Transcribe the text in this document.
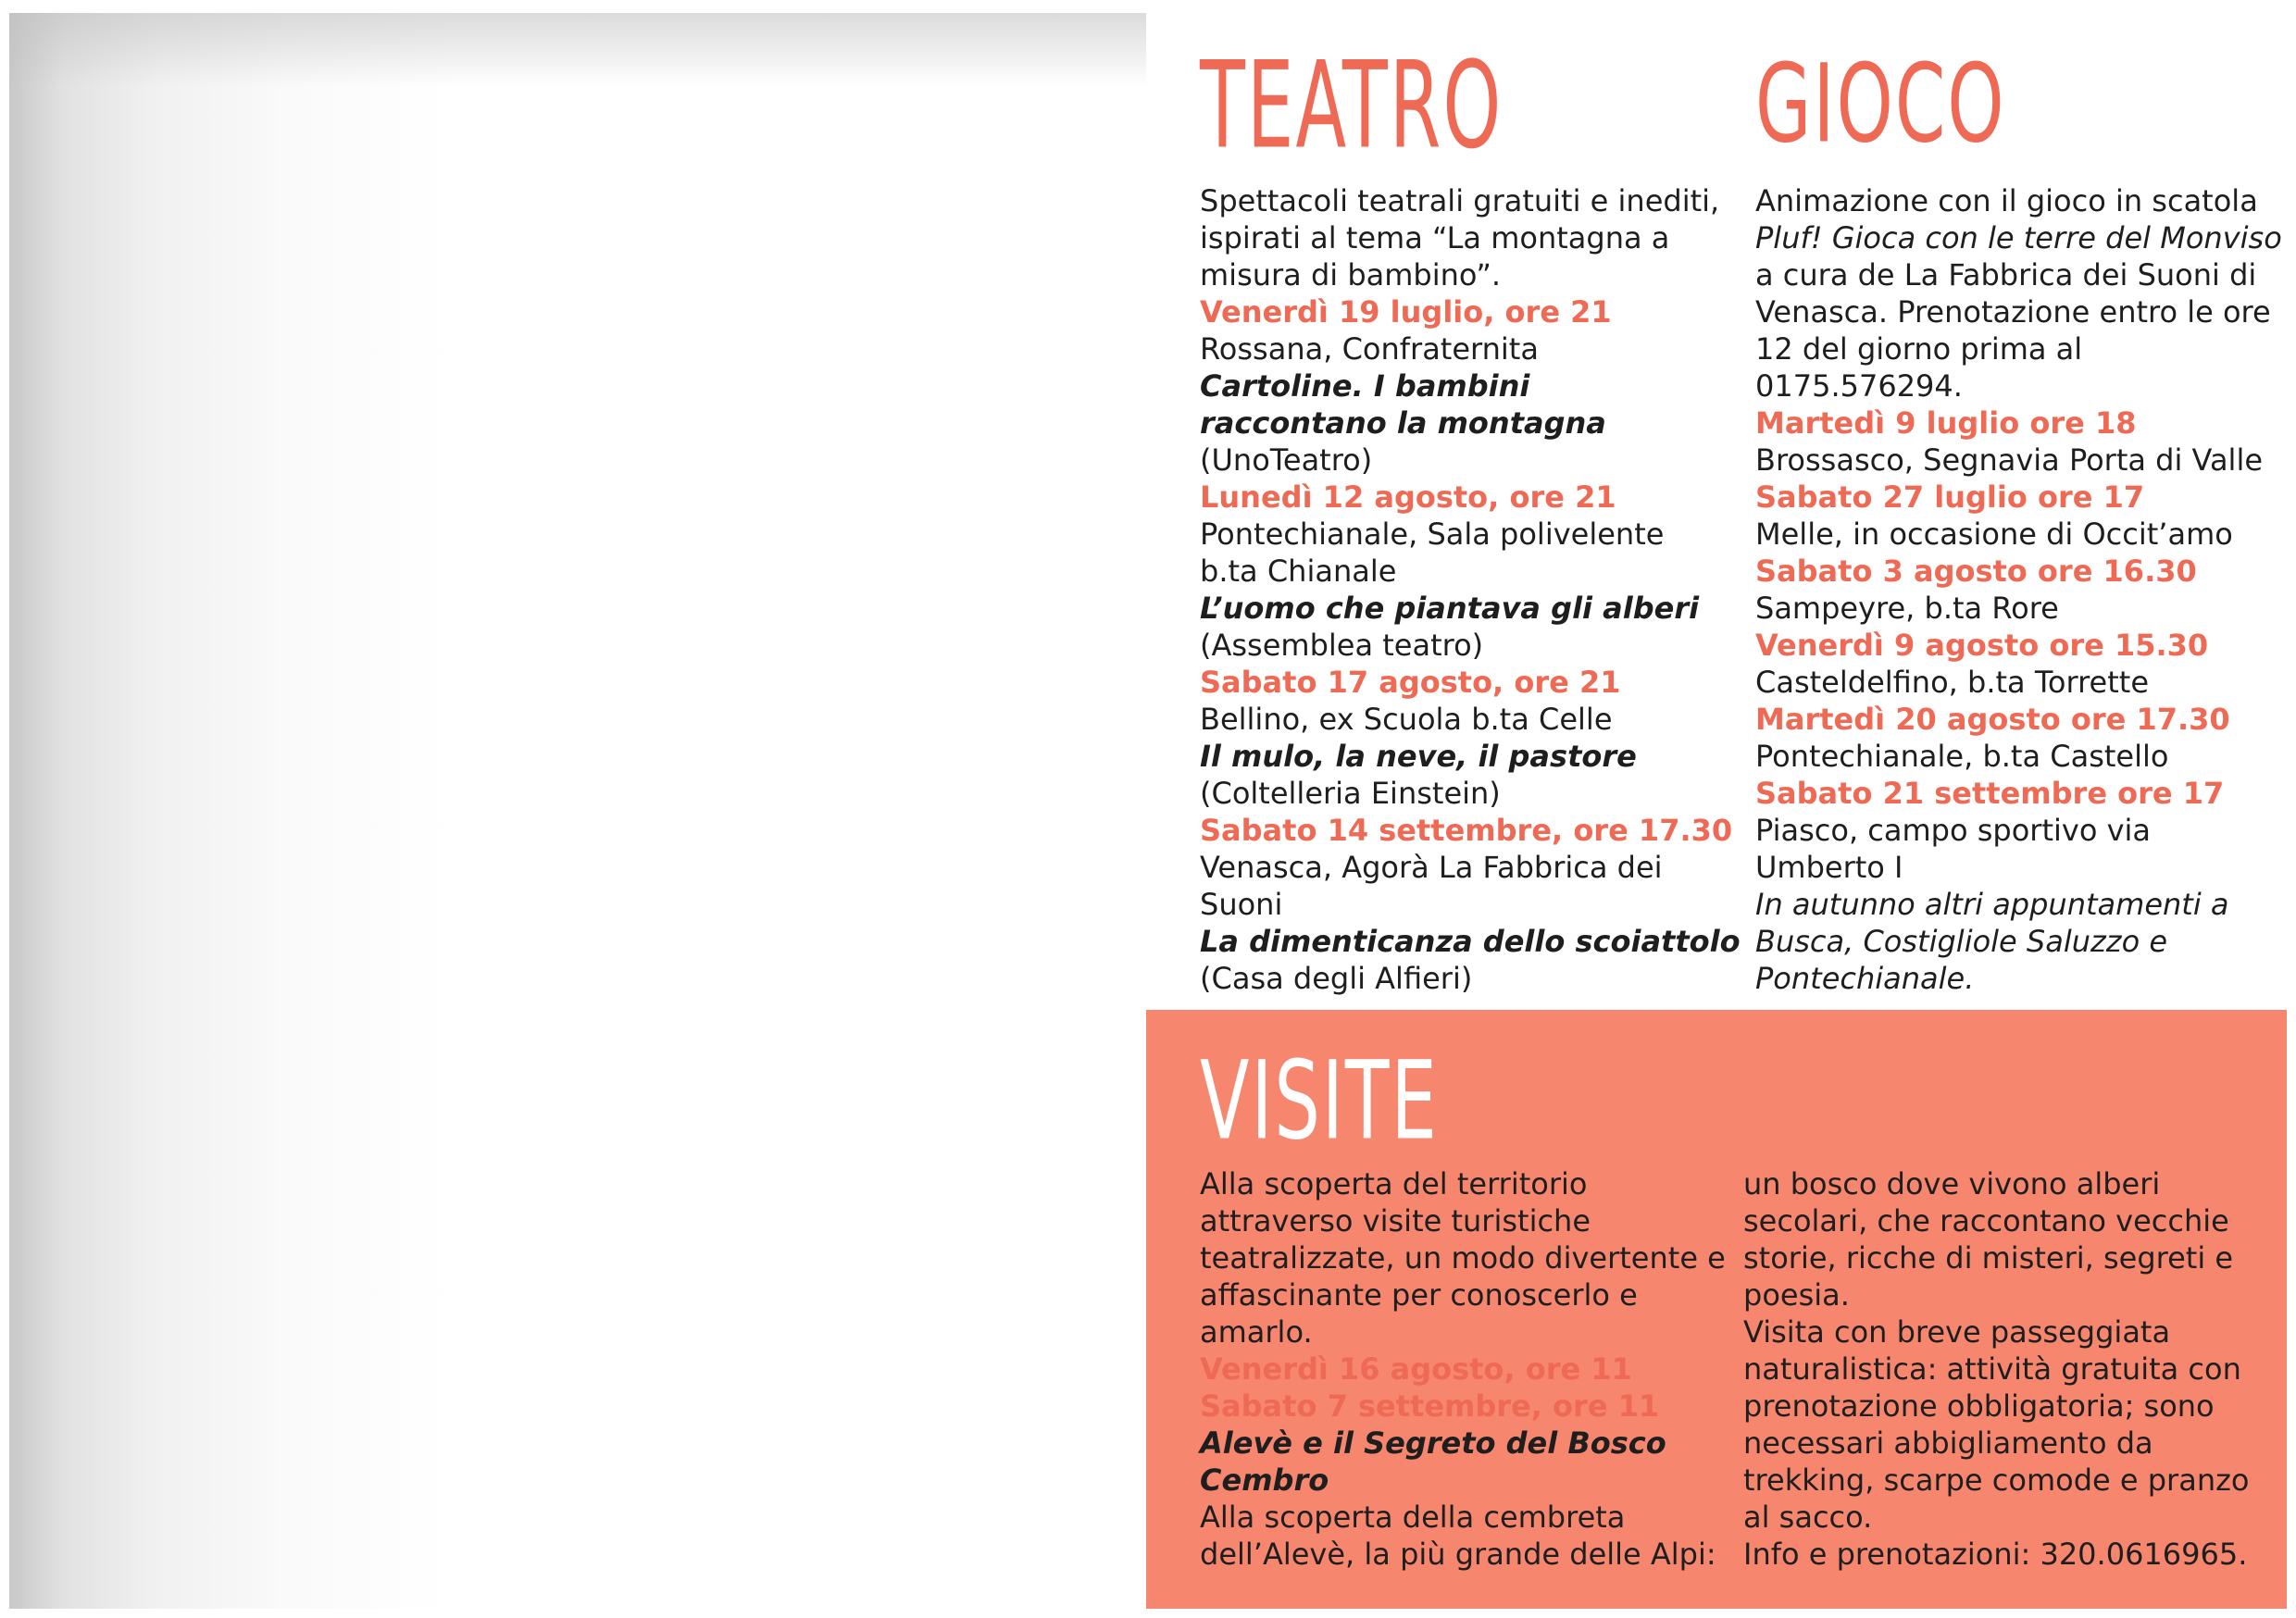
TEATRO
Spettacoli teatrali gratuiti e inediti,
ispirati al tema “La montagna a
misura di bambino”.
Venerdì 19 luglio, ore 21
Rossana, Confraternita
Cartoline. I bambini
raccontano la montagna
(UnoTeatro)
Lunedì 12 agosto, ore 21
Pontechianale, Sala polivelente
b.ta Chianale
L’uomo che piantava gli alberi
(Assemblea teatro)
Sabato 17 agosto, ore 21
Bellino, ex Scuola b.ta Celle
Il mulo, la neve, il pastore
(Coltelleria Einstein)
Sabato 14 settembre, ore 17.30
Venasca, Agorà La Fabbrica dei
Suoni
La dimenticanza dello scoiattolo
(Casa degli Alfieri)
GIOCO
Animazione con il gioco in scatola
Pluf! Gioca con le terre del Monviso
a cura de La Fabbrica dei Suoni di
Venasca. Prenotazione entro le ore
12 del giorno prima al
0175.576294.
Martedì 9 luglio ore 18
Brossasco, Segnavia Porta di Valle
Sabato 27 luglio ore 17
Melle, in occasione di Occit’amo
Sabato 3 agosto ore 16.30
Sampeyre, b.ta Rore
Venerdì 9 agosto ore 15.30
Casteldelfino, b.ta Torrette
Martedì 20 agosto ore 17.30
Pontechianale, b.ta Castello
Sabato 21 settembre ore 17
Piasco, campo sportivo via
Umberto I
In autunno altri appuntamenti a
Busca, Costigliole Saluzzo e
Pontechianale.
VISITE
Alla scoperta del territorio
attraverso visite turistiche
teatralizzate, un modo divertente e
affascinante per conoscerlo e
amarlo.
Venerdì 16 agosto, ore 11
Sabato 7 settembre, ore 11
Alevè e il Segreto del Bosco
Cembro
Alla scoperta della cembreta
dell’Alevè, la più grande delle Alpi:
un bosco dove vivono alberi
secolari, che raccontano vecchie
storie, ricche di misteri, segreti e
poesia.
Visita con breve passeggiata
naturalistica: attività gratuita con
prenotazione obbligatoria; sono
necessari abbigliamento da
trekking, scarpe comode e pranzo
al sacco.
Info e prenotazioni: 320.0616965.
